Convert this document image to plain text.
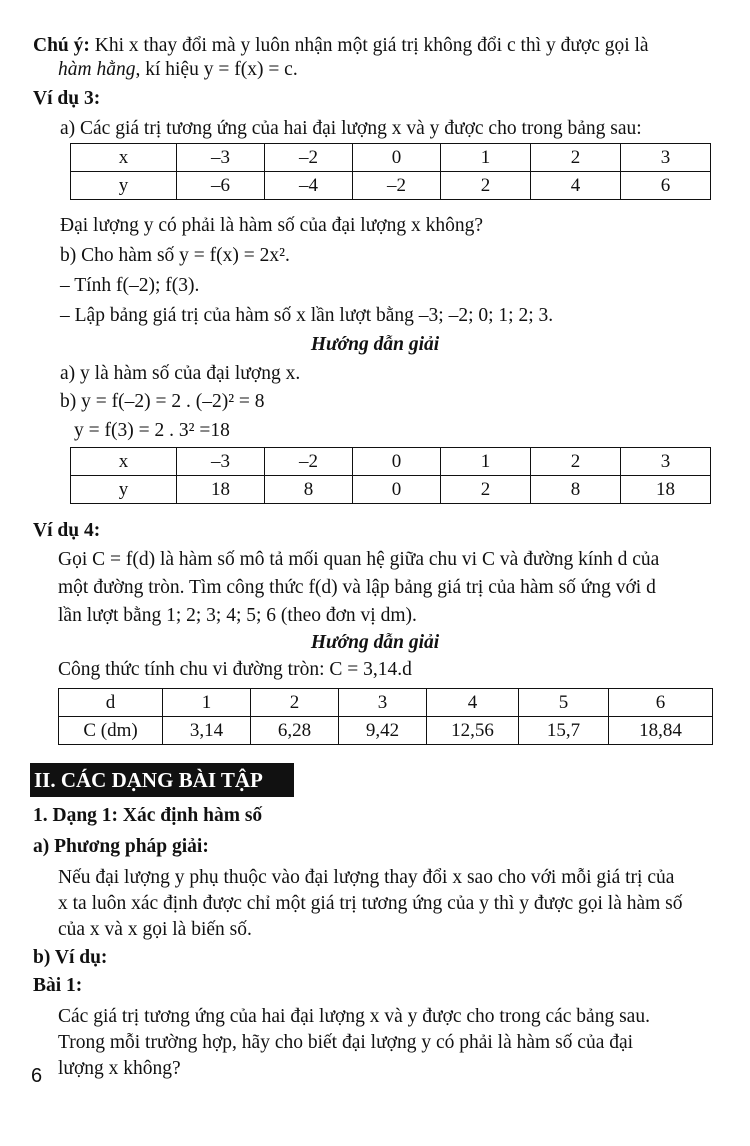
Chú ý: Khi x thay đổi mà y luôn nhận một giá trị không đổi c thì y được gọi là
hàm hằng, kí hiệu y = f(x) = c.
Ví dụ 3:
a) Các giá trị tương ứng của hai đại lượng x và y được cho trong bảng sau:
x	–3	–2	0	1	2	3
y	–6	–4	–2	2	4	6
Đại lượng y có phải là hàm số của đại lượng x không?
b) Cho hàm số y = f(x) = 2x².
– Tính f(–2); f(3).
– Lập bảng giá trị của hàm số x lần lượt bằng –3; –2; 0; 1; 2; 3.
Hướng dẫn giải
a) y là hàm số của đại lượng x.
b) y = f(–2) = 2 . (–2)² = 8
y = f(3) = 2 . 3² =18
x	–3	–2	0	1	2	3
y	18	8	0	2	8	18
Ví dụ 4:
Gọi C = f(d) là hàm số mô tả mối quan hệ giữa chu vi C và đường kính d của
một đường tròn. Tìm công thức f(d) và lập bảng giá trị của hàm số ứng với d
lần lượt bằng 1; 2; 3; 4; 5; 6 (theo đơn vị dm).
Hướng dẫn giải
Công thức tính chu vi đường tròn: C = 3,14.d
d	1	2	3	4	5	6
C (dm)	3,14	6,28	9,42	12,56	15,7	18,84
II. CÁC DẠNG BÀI TẬP
1. Dạng 1: Xác định hàm số
a) Phương pháp giải:
Nếu đại lượng y phụ thuộc vào đại lượng thay đổi x sao cho với mỗi giá trị của
x ta luôn xác định được chỉ một giá trị tương ứng của y thì y được gọi là hàm số
của x và x gọi là biến số.
b) Ví dụ:
Bài 1:
Các giá trị tương ứng của hai đại lượng x và y được cho trong các bảng sau.
Trong mỗi trường hợp, hãy cho biết đại lượng y có phải là hàm số của đại
lượng x không?
6
